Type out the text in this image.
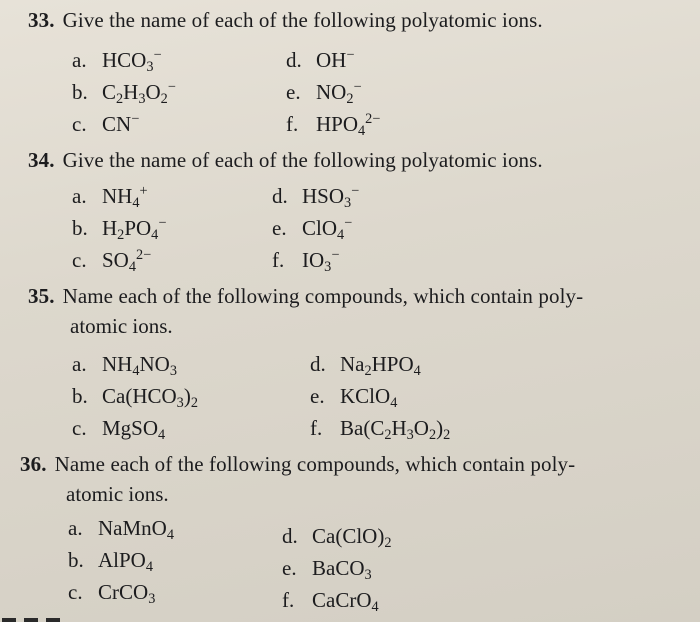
33. Give the name of each of the following polyatomic ions.
a. $HCO_3^-$
b. $C_2H_3O_2^-$
c. CN−
d. OH−
e. $NO_2^-$
f. $HPO_4^{2-}$
34. Give the name of each of the following polyatomic ions.
a. $NH_4^+$
b. $H_2PO_4^-$
c. $SO_4^{2-}$
d. $HSO_3^-$
e. ClO$_4$−
f. $IO_3^-$
35. Name each of the following compounds, which contain poly-
atomic ions.
a. $NH_4NO_3$
b. $Ca(HCO_3)_2$
c. MgSO$_4$
d. $Na_2HPO_4$
e. KClO$_4$
f. $Ba(C_2H_3O_2)_2$
36. Name each of the following compounds, which contain poly-
atomic ions.
a. NaMnO$_4$
b. AlPO$_4$
c. CrCO$_3$
d. $Ca(ClO)_2$
e. BaCO$_3$
f. CaCrO$_4$
